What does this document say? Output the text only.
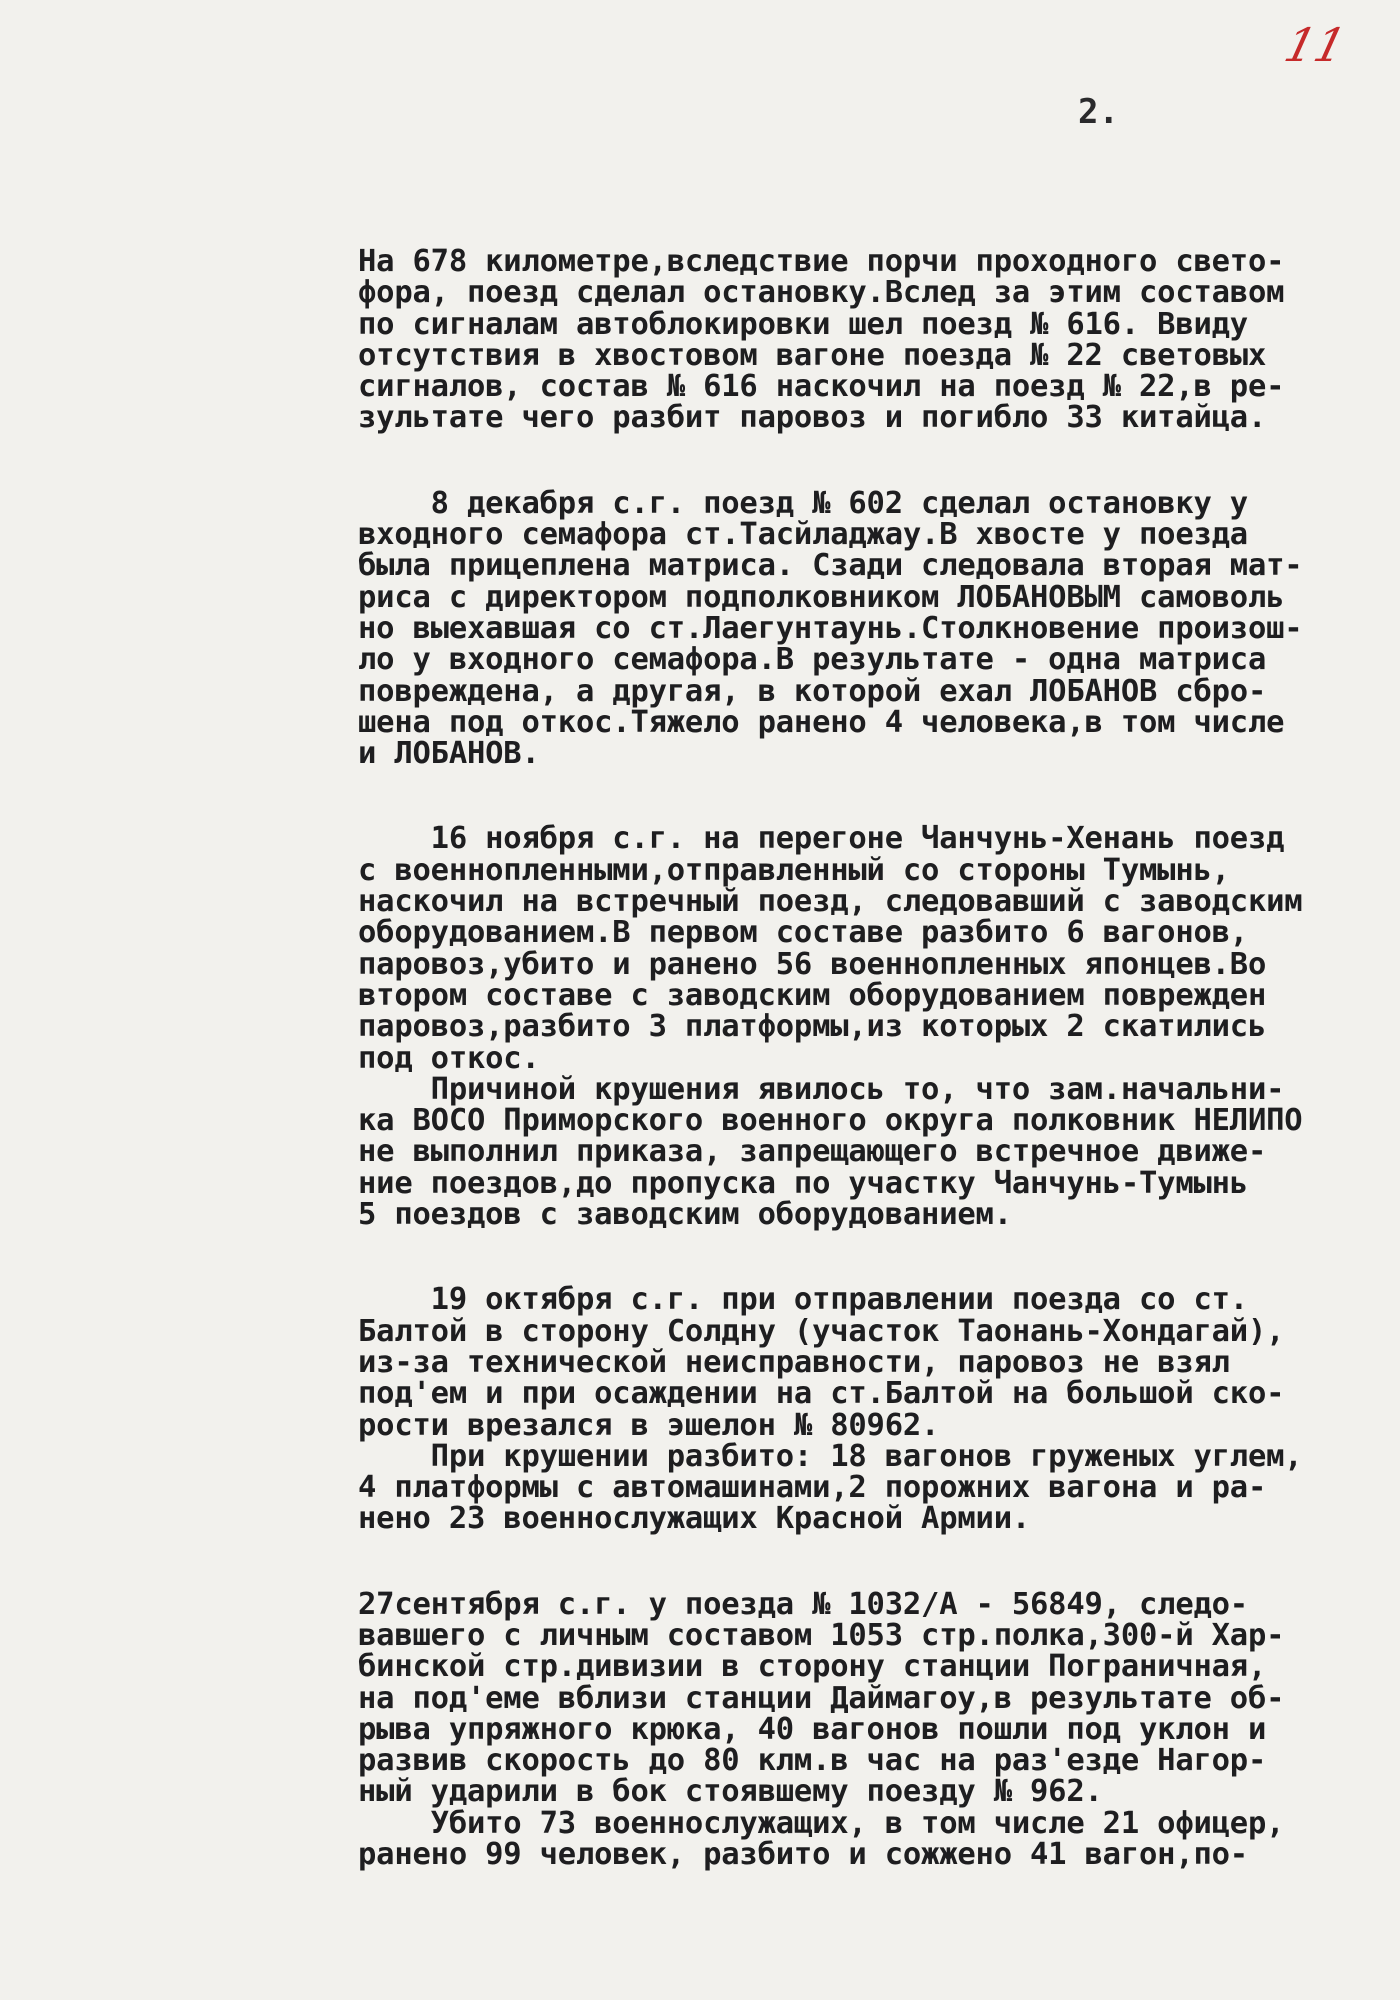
11
2.
На 678 километре,вследствие порчи проходного свето-
фора, поезд сделал остановку.Вслед за этим составом
по сигналам автоблокировки шел поезд № 616. Ввиду
отсутствия в хвостовом вагоне поезда № 22 световых
сигналов, состав № 616 наскочил на поезд № 22,в ре-
зультате чего разбит паровоз и погибло 33 китайца.
8 декабря с.г. поезд № 602 сделал остановку у
входного семафора ст.Тасйладжау.В хвосте у поезда
была прицеплена матриса. Сзади следовала вторая мат-
риса с директором подполковником ЛОБАНОВЫМ самоволь
но выехавшая со ст.Лаегунтаунь.Столкновение произош-
ло у входного семафора.В результате - одна матриса
повреждена, а другая, в которой ехал ЛОБАНОВ сбро-
шена под откос.Тяжело ранено 4 человека,в том числе
и ЛОБАНОВ.
16 ноября с.г. на перегоне Чанчунь-Хенань поезд
с военнопленными,отправленный со стороны Тумынь,
наскочил на встречный поезд, следовавший с заводским
оборудованием.В первом составе разбито 6 вагонов,
паровоз,убито и ранено 56 военнопленных японцев.Во
втором составе с заводским оборудованием поврежден
паровоз,разбито 3 платформы,из которых 2 скатились
под откос.
Причиной крушения явилось то, что зам.начальни-
ка ВОСО Приморского военного округа полковник НЕЛИПО
не выполнил приказа, запрещающего встречное движе-
ние поездов,до пропуска по участку Чанчунь-Тумынь
5 поездов с заводским оборудованием.
19 октября с.г. при отправлении поезда со ст.
Балтой в сторону Солдну (участок Таонань-Хондагай),
из-за технической неисправности, паровоз не взял
под'ем и при осаждении на ст.Балтой на большой ско-
рости врезался в эшелон № 80962.
При крушении разбито: 18 вагонов груженых углем,
4 платформы с автомашинами,2 порожних вагона и ра-
нено 23 военнослужащих Красной Армии.
27сентября с.г. у поезда № 1032/А - 56849, следо-
вавшего с личным составом 1053 стр.полка,300-й Хар-
бинской стр.дивизии в сторону станции Пограничная,
на под'еме вблизи станции Даймагоу,в результате об-
рыва упряжного крюка, 40 вагонов пошли под уклон и
развив скорость до 80 клм.в час на раз'езде Нагор-
ный ударили в бок стоявшему поезду № 962.
Убито 73 военнослужащих, в том числе 21 офицер,
ранено 99 человек, разбито и сожжено 41 вагон,по-
